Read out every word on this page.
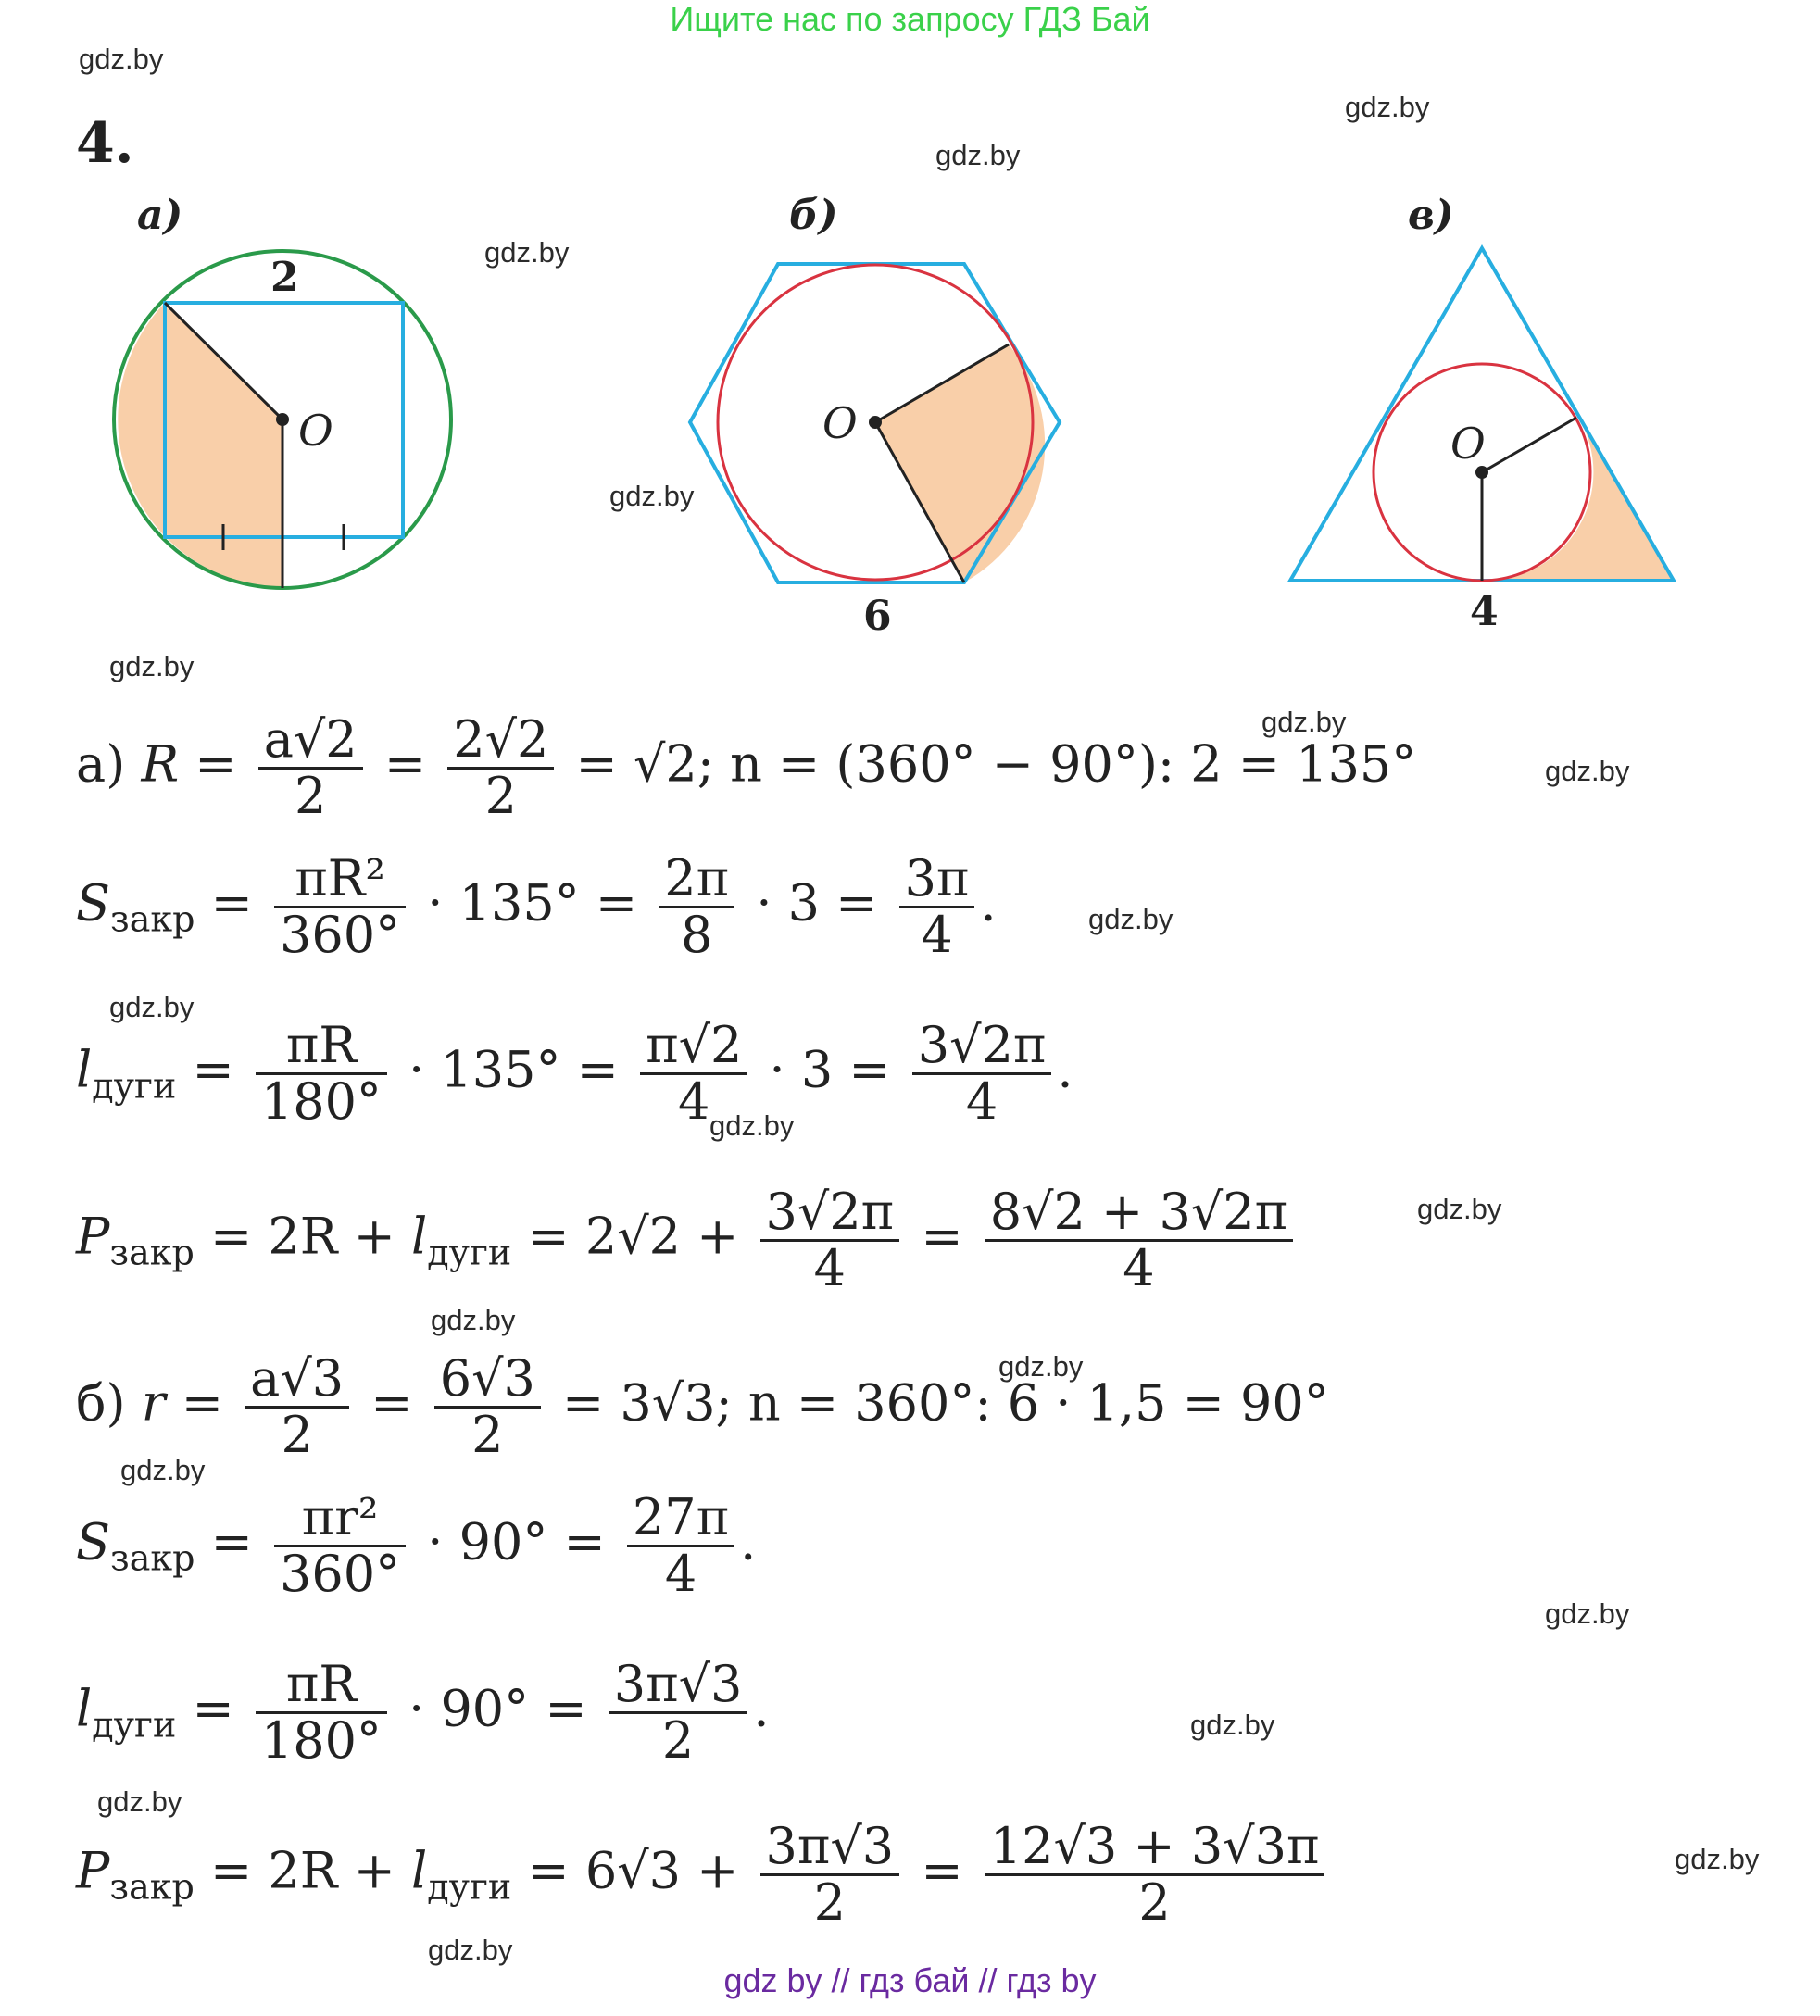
Ищите нас по запросу ГДЗ Бай
gdz.by
gdz.by
gdz.by
gdz.by
gdz.by
gdz.by
gdz.by
gdz.by
gdz.by
gdz.by
gdz.by
gdz.by
gdz.by
gdz.by
gdz.by
gdz.by
gdz.by
gdz.by
gdz.by
gdz.by
4.
а)
2
O
б)
6
O
в)
4
O
а) $R = \frac{a√2}{2} = \frac{2√2}{2} = √2$; n = (360° − 90°): 2 = 135°
$S_{закр} = \frac{\text{πR²}}{360^\circ} \cdot 135^\circ = \frac{2\pi}{8} \cdot 3 = \frac{3\pi}{4}$ .
$l_{дуги} = \frac{\pi R}{180^\circ} \cdot 135^\circ = \frac{\pi√2}{4} \cdot 3 = \frac{3√2\pi}{4}$ .
$P_{закр} = 2R + l_{дуги} = 2√2 + \frac{3√2\pi}{4} = \frac{8√2 + 3√2\pi}{4}$
б) $r = \frac{a√3}{2} = \frac{6√3}{2} = 3√3$; n = 360°: 6 · 1,5 = 90°
$S_{закр} = \frac{\text{πr²}}{360^\circ} \cdot 90^\circ = \frac{27\pi}{4}$ .
$l_{дуги} = \frac{\pi R}{180^\circ} \cdot 90^\circ = \frac{3\pi√3}{2}$ .
$P_{закр} = 2R + l_{дуги} = 6√3 + \frac{3\pi√3}{2} = \frac{12√3 + 3√3\pi}{2}$
gdz by // гдз бай // гдз by
